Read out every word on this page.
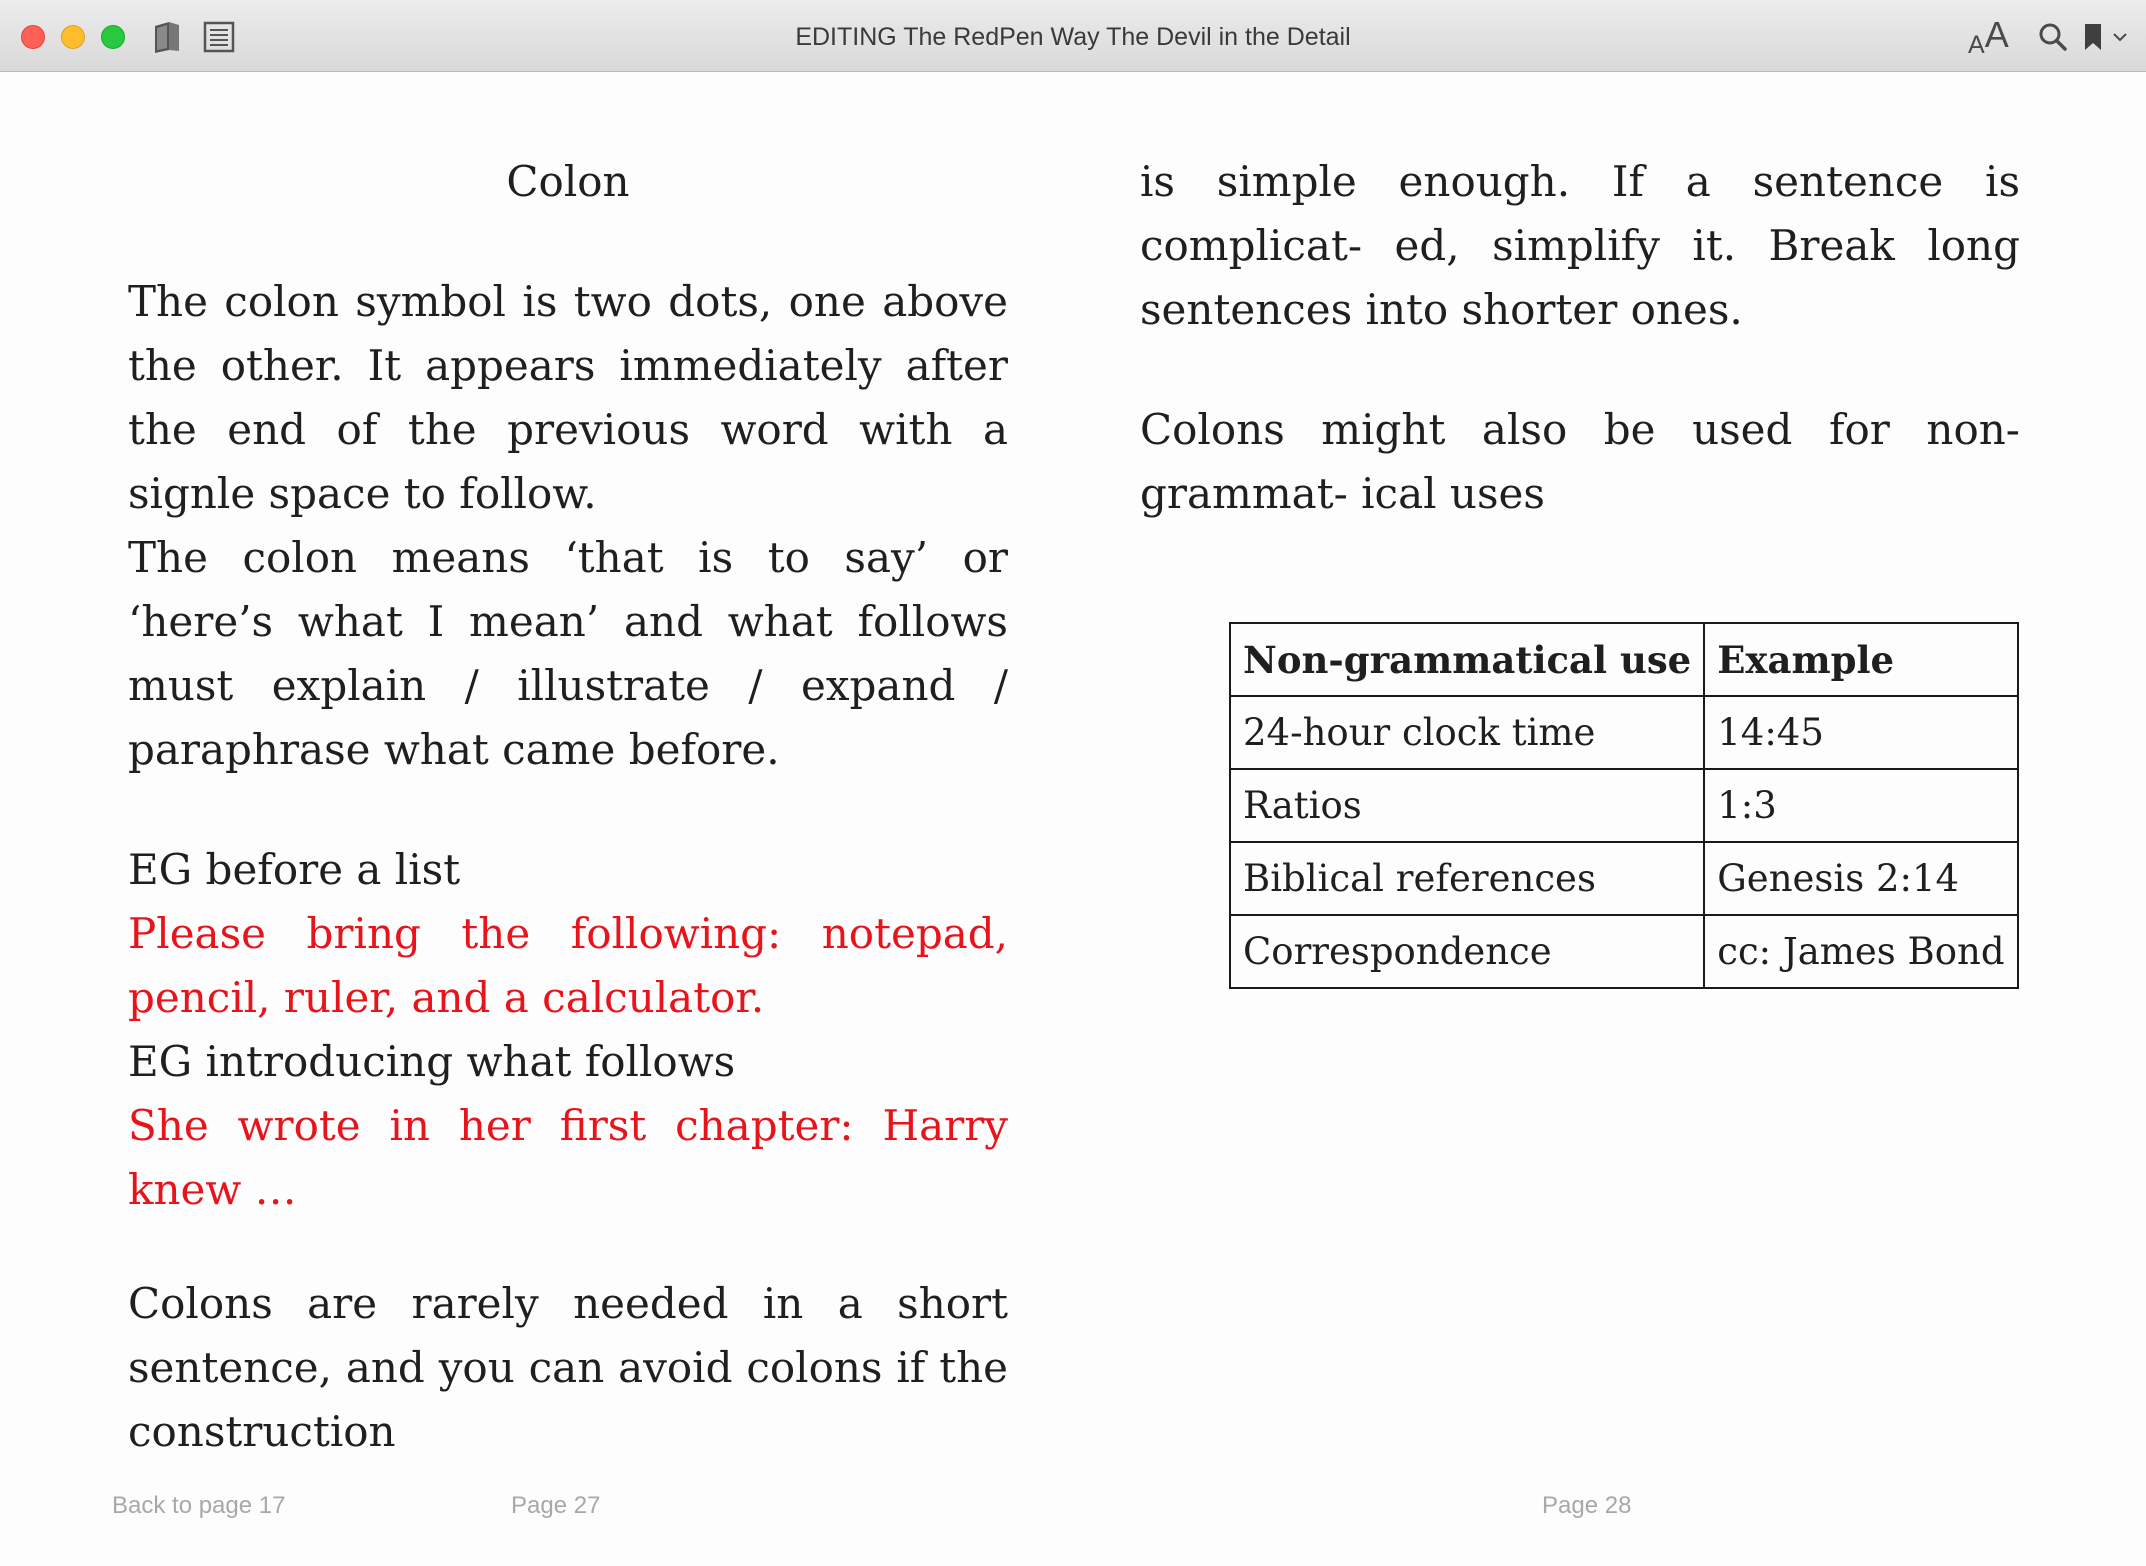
EDITING The RedPen Way The Devil in the Detail	AA
Colon

The colon symbol is two dots, one above the other. It appears immediately after the end of the previous word with a signle space to follow.

The colon means ‘that is to say’ or ‘here’s what I mean’ and what follows must explain / illustrate / expand / paraphrase what came before.

EG before a list

Please bring the following: notepad, pencil, ruler, and a calculator.

EG introducing what follows

She wrote in her first chapter: Harry knew …

Colons are rarely needed in a short sentence, and you can avoid colons if the construction

is simple enough. If a sentence is complicat- ed, simplify it. Break long sentences into shorter ones.

Colons might also be used for non-grammat- ical uses

Non-grammatical use	Example
24-hour clock time	14:45
Ratios	1:3
Biblical references	Genesis 2:14
Correspondence	cc: James Bond
Back to page 17	Page 27	Page 28
